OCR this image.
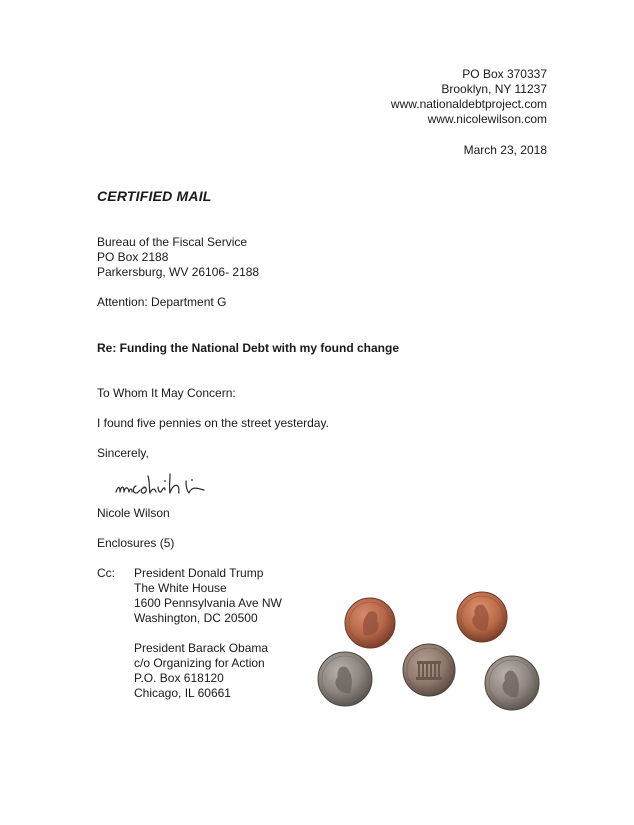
PO Box 370337
Brooklyn, NY 11237
www.nationaldebtproject.com
www.nicolewilson.com
March 23, 2018
CERTIFIED MAIL
Bureau of the Fiscal Service
PO Box 2188
Parkersburg, WV 26106- 2188
Attention: Department G
Re: Funding the National Debt with my found change
To Whom It May Concern:
I found five pennies on the street yesterday.
Sincerely,
Nicole Wilson
Enclosures (5)
Cc: President Donald Trump
The White House
1600 Pennsylvania Ave NW
Washington, DC 20500
President Barack Obama
c/o Organizing for Action
P.O. Box 618120
Chicago, IL 60661
